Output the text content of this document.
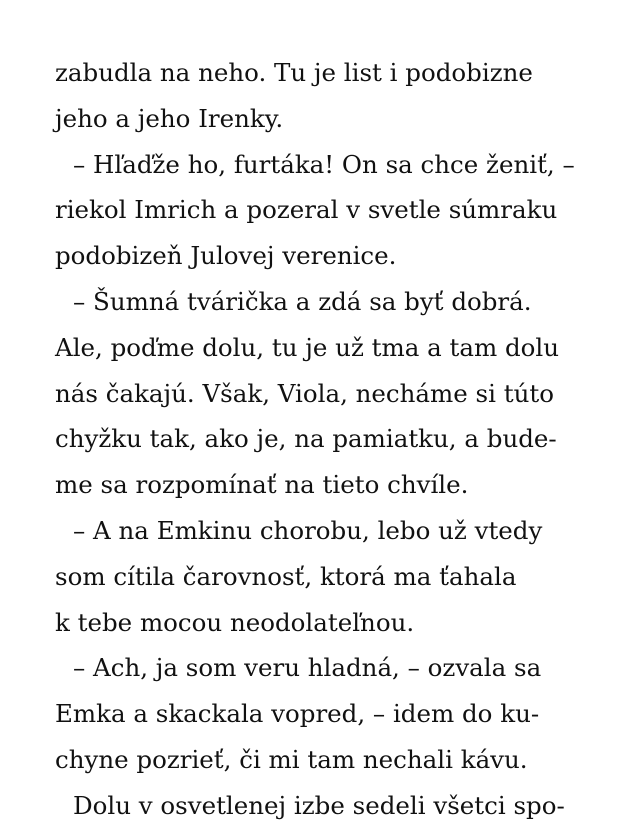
zabudla na neho. Tu je list i podobizne
jeho a jeho Irenky.
– Hľaďže ho, furtáka! On sa chce ženiť, –
riekol Imrich a pozeral v svetle súmraku
podobizeň Julovej verenice.
– Šumná tvárička a zdá sa byť dobrá.
Ale, poďme dolu, tu je už tma a tam dolu
nás čakajú. Však, Viola, necháme si túto
chyžku tak, ako je, na pamiatku, a bude-
me sa rozpomínať na tieto chvíle.
– A na Emkinu chorobu, lebo už vtedy
som cítila čarovnosť, ktorá ma ťahala
k tebe mocou neodolateľnou.
– Ach, ja som veru hladná, – ozvala sa
Emka a skackala vopred, – idem do ku-
chyne pozrieť, či mi tam nechali kávu.
Dolu v osvetlenej izbe sedeli všetci spo-
